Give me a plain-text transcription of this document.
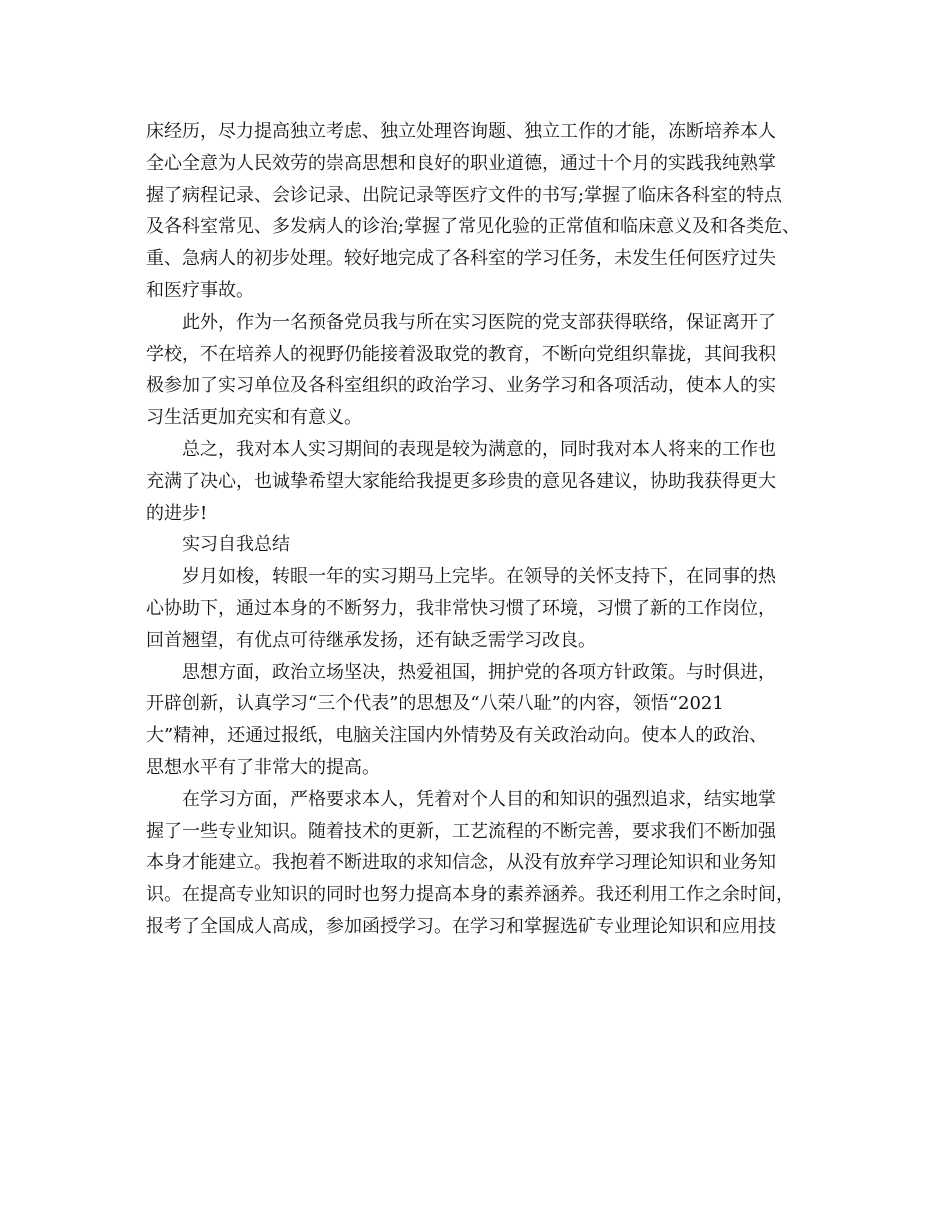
床经历，尽力提高独立考虑、独立处理咨询题、独立工作的才能，冻断培养本人
全心全意为人民效劳的崇高思想和良好的职业道德，通过十个月的实践我纯熟掌
握了病程记录、会诊记录、出院记录等医疗文件的书写;掌握了临床各科室的特点
及各科室常见、多发病人的诊治;掌握了常见化验的正常值和临床意义及和各类危、
重、急病人的初步处理。较好地完成了各科室的学习任务，未发生任何医疗过失
和医疗事故。
此外，作为一名预备党员我与所在实习医院的党支部获得联络，保证离开了
学校，不在培养人的视野仍能接着汲取党的教育，不断向党组织靠拢，其间我积
极参加了实习单位及各科室组织的政治学习、业务学习和各项活动，使本人的实
习生活更加充实和有意义。
总之，我对本人实习期间的表现是较为满意的，同时我对本人将来的工作也
充满了决心，也诚挚希望大家能给我提更多珍贵的意见各建议，协助我获得更大
的进步!
实习自我总结
岁月如梭，转眼一年的实习期马上完毕。在领导的关怀支持下，在同事的热
心协助下，通过本身的不断努力，我非常快习惯了环境，习惯了新的工作岗位，
回首翘望，有优点可待继承发扬，还有缺乏需学习改良。
思想方面，政治立场坚决，热爱祖国，拥护党的各项方针政策。与时俱进，
开辟创新，认真学习“三个代表”的思想及“八荣八耻”的内容，领悟“2021
大”精神，还通过报纸，电脑关注国内外情势及有关政治动向。使本人的政治、
思想水平有了非常大的提高。
在学习方面，严格要求本人，凭着对个人目的和知识的强烈追求，结实地掌
握了一些专业知识。随着技术的更新，工艺流程的不断完善，要求我们不断加强
本身才能建立。我抱着不断进取的求知信念，从没有放弃学习理论知识和业务知
识。在提高专业知识的同时也努力提高本身的素养涵养。我还利用工作之余时间，
报考了全国成人高成，参加函授学习。在学习和掌握选矿专业理论知识和应用技
